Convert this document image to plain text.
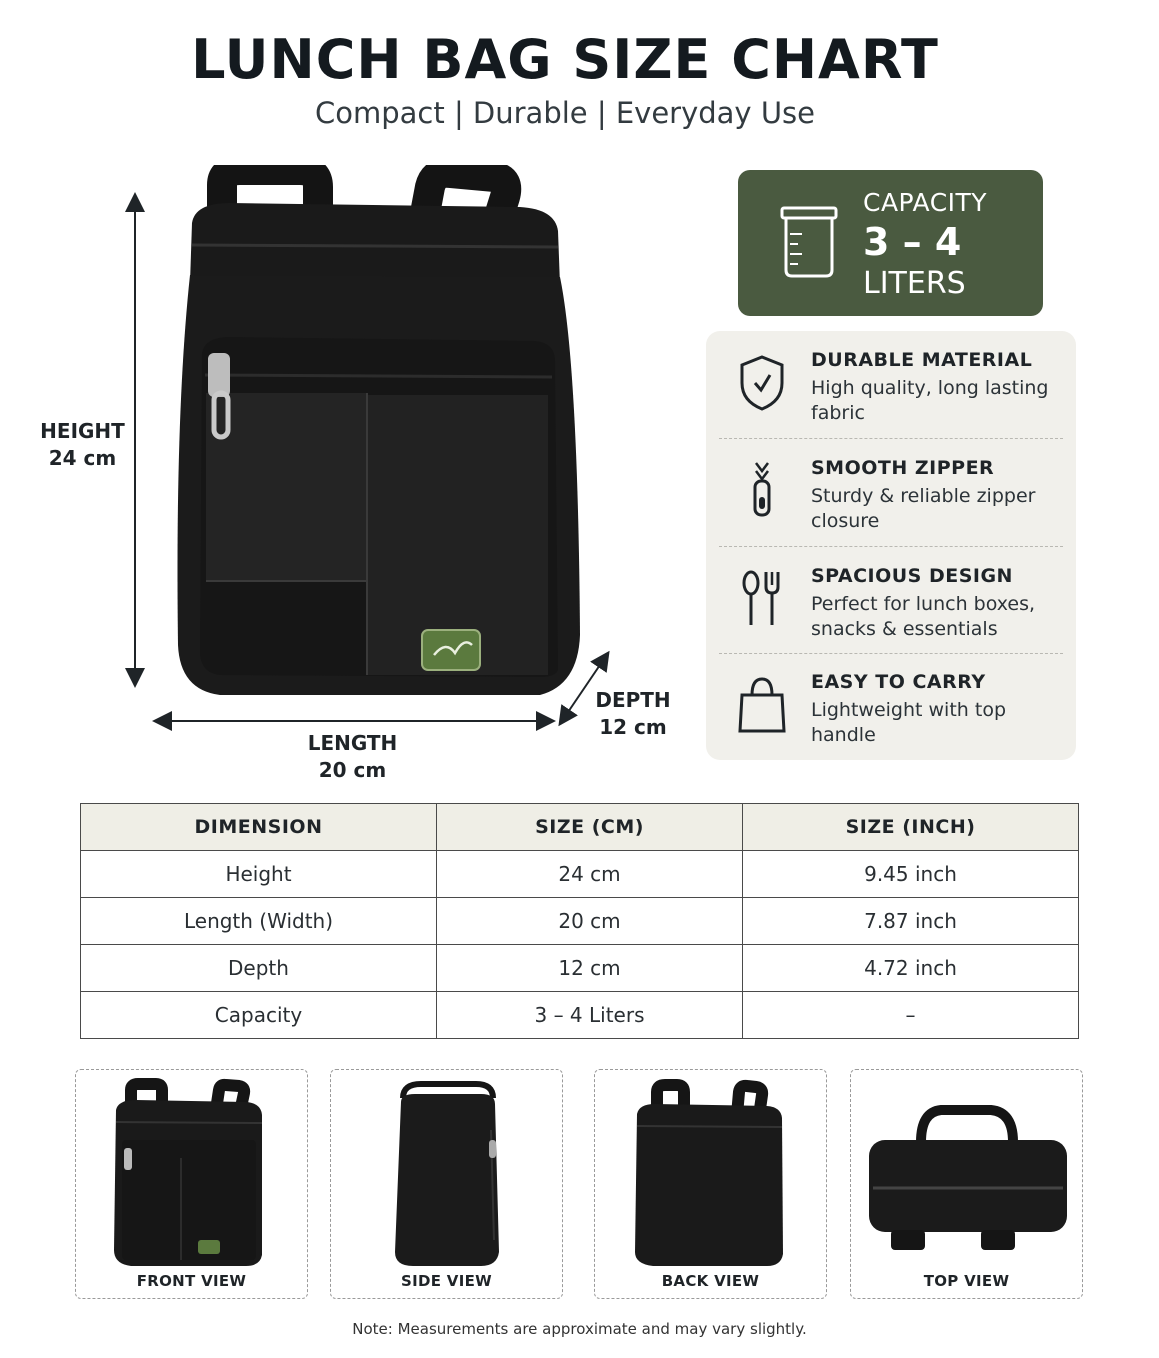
LUNCH BAG SIZE CHART
Compact | Durable | Everyday Use
HEIGHT
24 cm
LENGTH
20 cm
DEPTH
12 cm
CAPACITY
3 – 4
LITERS
DURABLE MATERIAL
High quality, long lasting fabric
SMOOTH ZIPPER
Sturdy & reliable zipper closure
SPACIOUS DESIGN
Perfect for lunch boxes, snacks & essentials
EASY TO CARRY
Lightweight with top handle
DIMENSION	SIZE (CM)	SIZE (INCH)
Height	24 cm	9.45 inch
Length (Width)	20 cm	7.87 inch
Depth	12 cm	4.72 inch
Capacity	3 – 4 Liters	–
FRONT VIEW	SIDE VIEW	BACK VIEW	TOP VIEW
Note: Measurements are approximate and may vary slightly.
